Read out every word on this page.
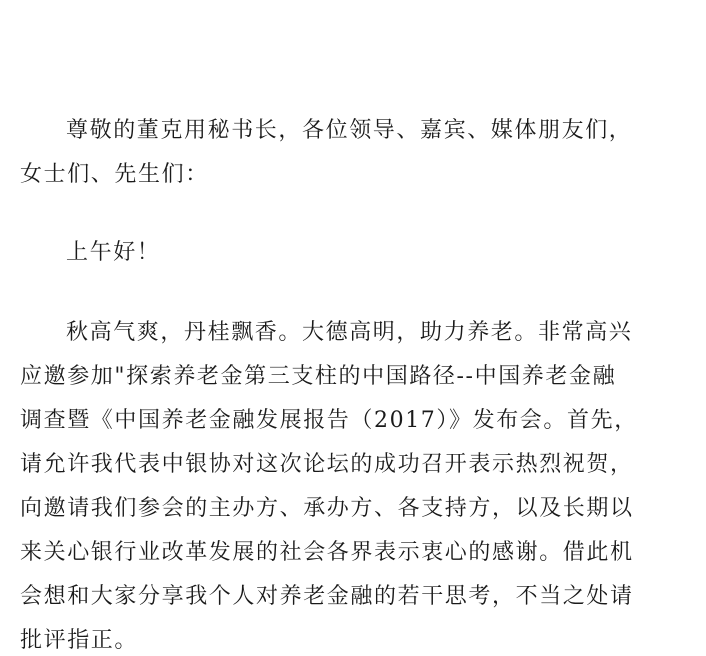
尊敬的董克用秘书长，各位领导、嘉宾、媒体朋友们，
女士们、先生们：
上午好！
秋高气爽，丹桂飘香。大德高明，助力养老。非常高兴
应邀参加"探索养老金第三支柱的中国路径--中国养老金融
调查暨《中国养老金融发展报告（2017）》发布会。首先，
请允许我代表中银协对这次论坛的成功召开表示热烈祝贺，
向邀请我们参会的主办方、承办方、各支持方，以及长期以
来关心银行业改革发展的社会各界表示衷心的感谢。借此机
会想和大家分享我个人对养老金融的若干思考，不当之处请
批评指正。
